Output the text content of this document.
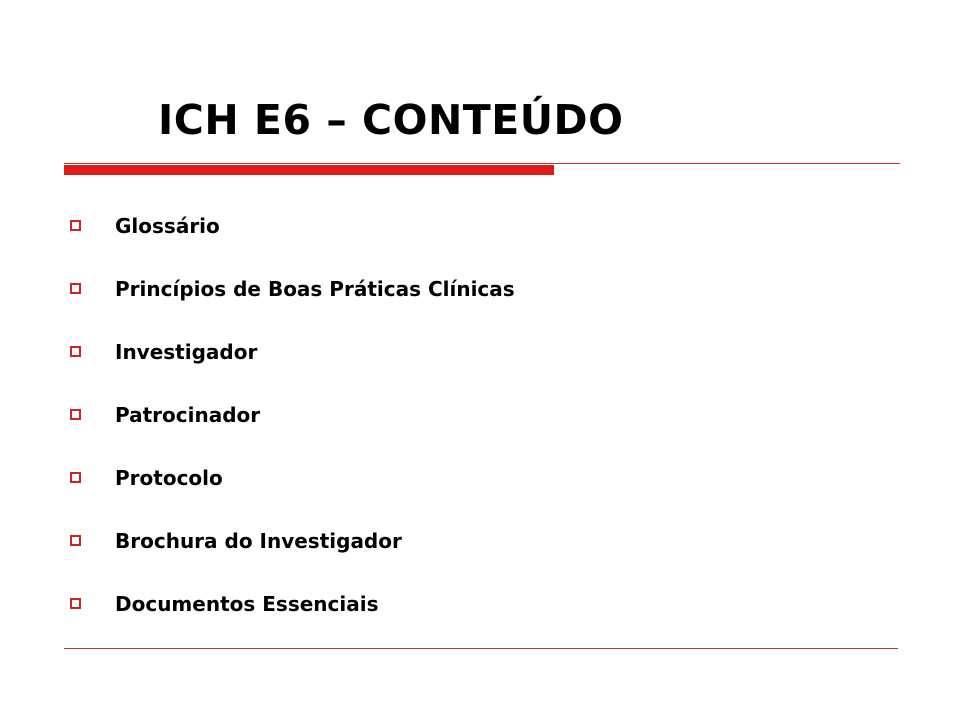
ICH E6 – CONTEÚDO
Glossário
Princípios de Boas Práticas Clínicas
Investigador
Patrocinador
Protocolo
Brochura do Investigador
Documentos Essenciais
